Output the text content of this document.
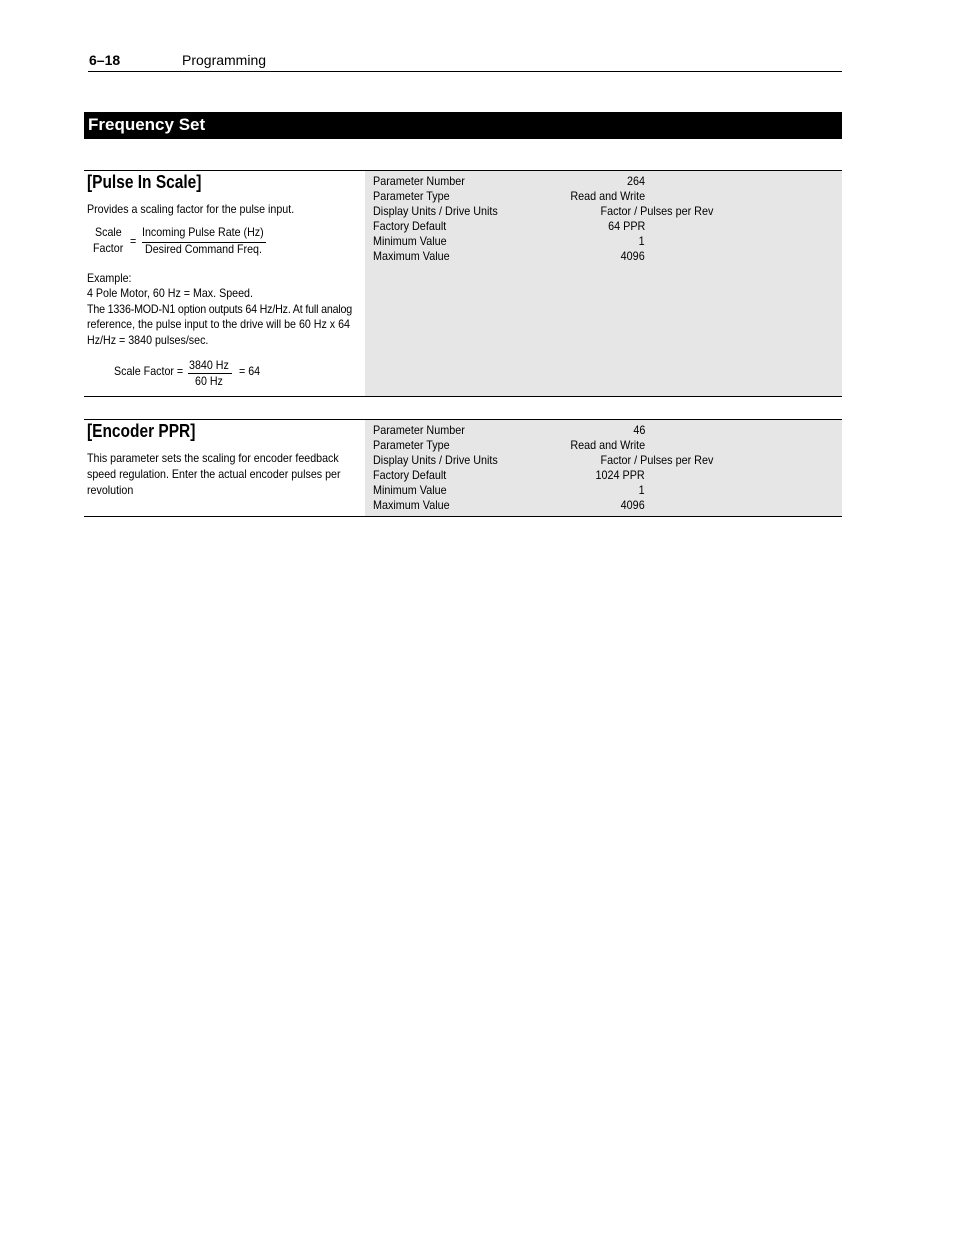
6–18	Programming
Frequency Set
[Pulse In Scale]
Provides a scaling factor for the pulse input.
Scale
Factor =
Incoming Pulse Rate (Hz)
Desired Command Freq.
Example:
4 Pole Motor, 60 Hz = Max. Speed.
The 1336-MOD-N1 option outputs 64 Hz/Hz. At full analog
reference, the pulse input to the drive will be 60 Hz x 64
Hz/Hz = 3840 pulses/sec.
Scale Factor = 3840 Hz
60 Hz
= 64
Parameter Number	264
Parameter Type	Read and Write
Display Units / Drive Units	Factor / Pulses per Rev
Factory Default	64 PPR
Minimum Value	1
Maximum Value	4096
[Encoder PPR]
This parameter sets the scaling for encoder feedback
speed regulation. Enter the actual encoder pulses per
revolution
Parameter Number	46
Parameter Type	Read and Write
Display Units / Drive Units	Factor / Pulses per Rev
Factory Default	1024 PPR
Minimum Value	1
Maximum Value	4096
